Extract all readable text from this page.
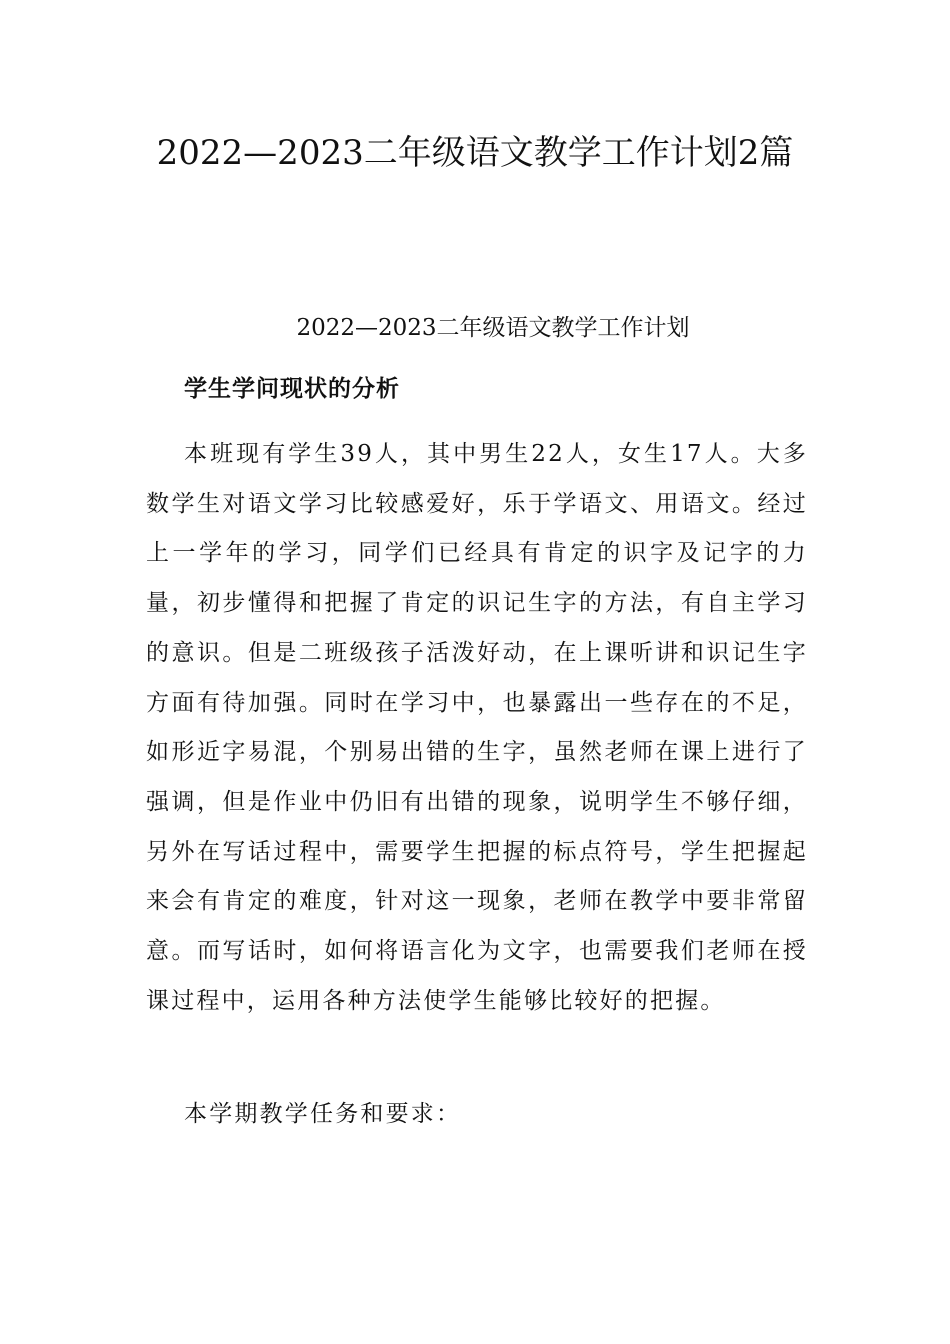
2022—2023二年级语文教学工作计划2篇
2022—2023二年级语文教学工作计划
学生学问现状的分析

本班现有学生39人，其中男生22人，女生17人。大多数学生对语文学习比较感爱好，乐于学语文、用语文。经过上一学年的学习，同学们已经具有肯定的识字及记字的力量，初步懂得和把握了肯定的识记生字的方法，有自主学习的意识。但是二班级孩子活泼好动，在上课听讲和识记生字方面有待加强。同时在学习中，也暴露出一些存在的不足，如形近字易混，个别易出错的生字，虽然老师在课上进行了强调，但是作业中仍旧有出错的现象，说明学生不够仔细，另外在写话过程中，需要学生把握的标点符号，学生把握起来会有肯定的难度，针对这一现象，老师在教学中要非常留意。而写话时，如何将语言化为文字，也需要我们老师在授课过程中，运用各种方法使学生能够比较好的把握。

本学期教学任务和要求：
